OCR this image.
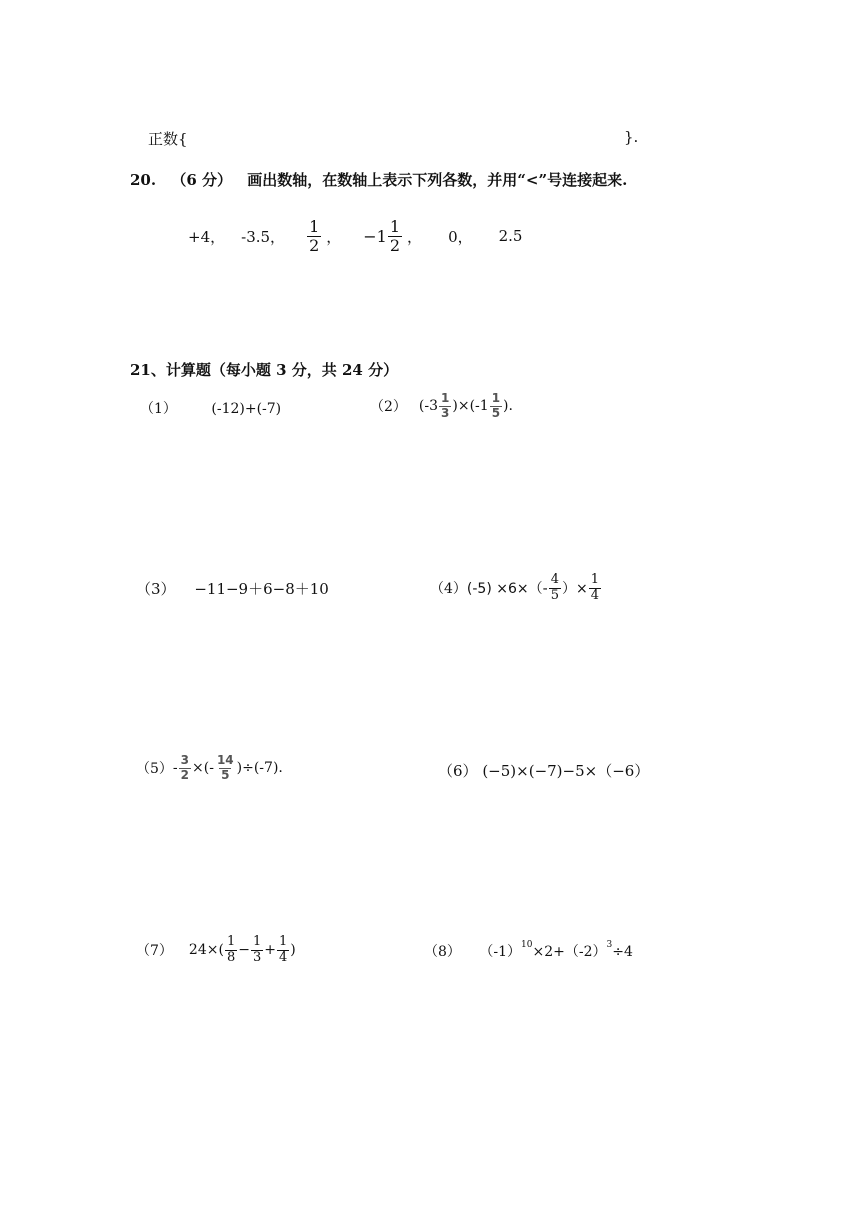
正数{	}.
20. （6 分） 画出数轴，在数轴上表示下列各数，并用“<”号连接起来.
+4， -3.5， $\frac{1}{2}$ ， $-1 \frac{1}{2}$ ， 0， 2.5
21、计算题（每小题 3 分，共 24 分）
（1） (-12)+(-7)	（2） $(-3 \frac{1}{3} )\times(-1 \frac{1}{5}$ ).
（3） −11−9＋6−8＋10	（4） $(-5) \times 6\times(- \frac{4}{5}$ ）× $\frac{1}{4}$
$(5) - \frac{3}{2}$ ×(- $\frac{14}{5} )\div(-7)$.	（6） (−5)×(−7)−5×（−6）
（7） $24\times( \frac{1}{8} - \frac{1}{3} + \frac{1}{4}$ )	（8） $(-1)^{10}\times 2+(-2)^3\div 4$
